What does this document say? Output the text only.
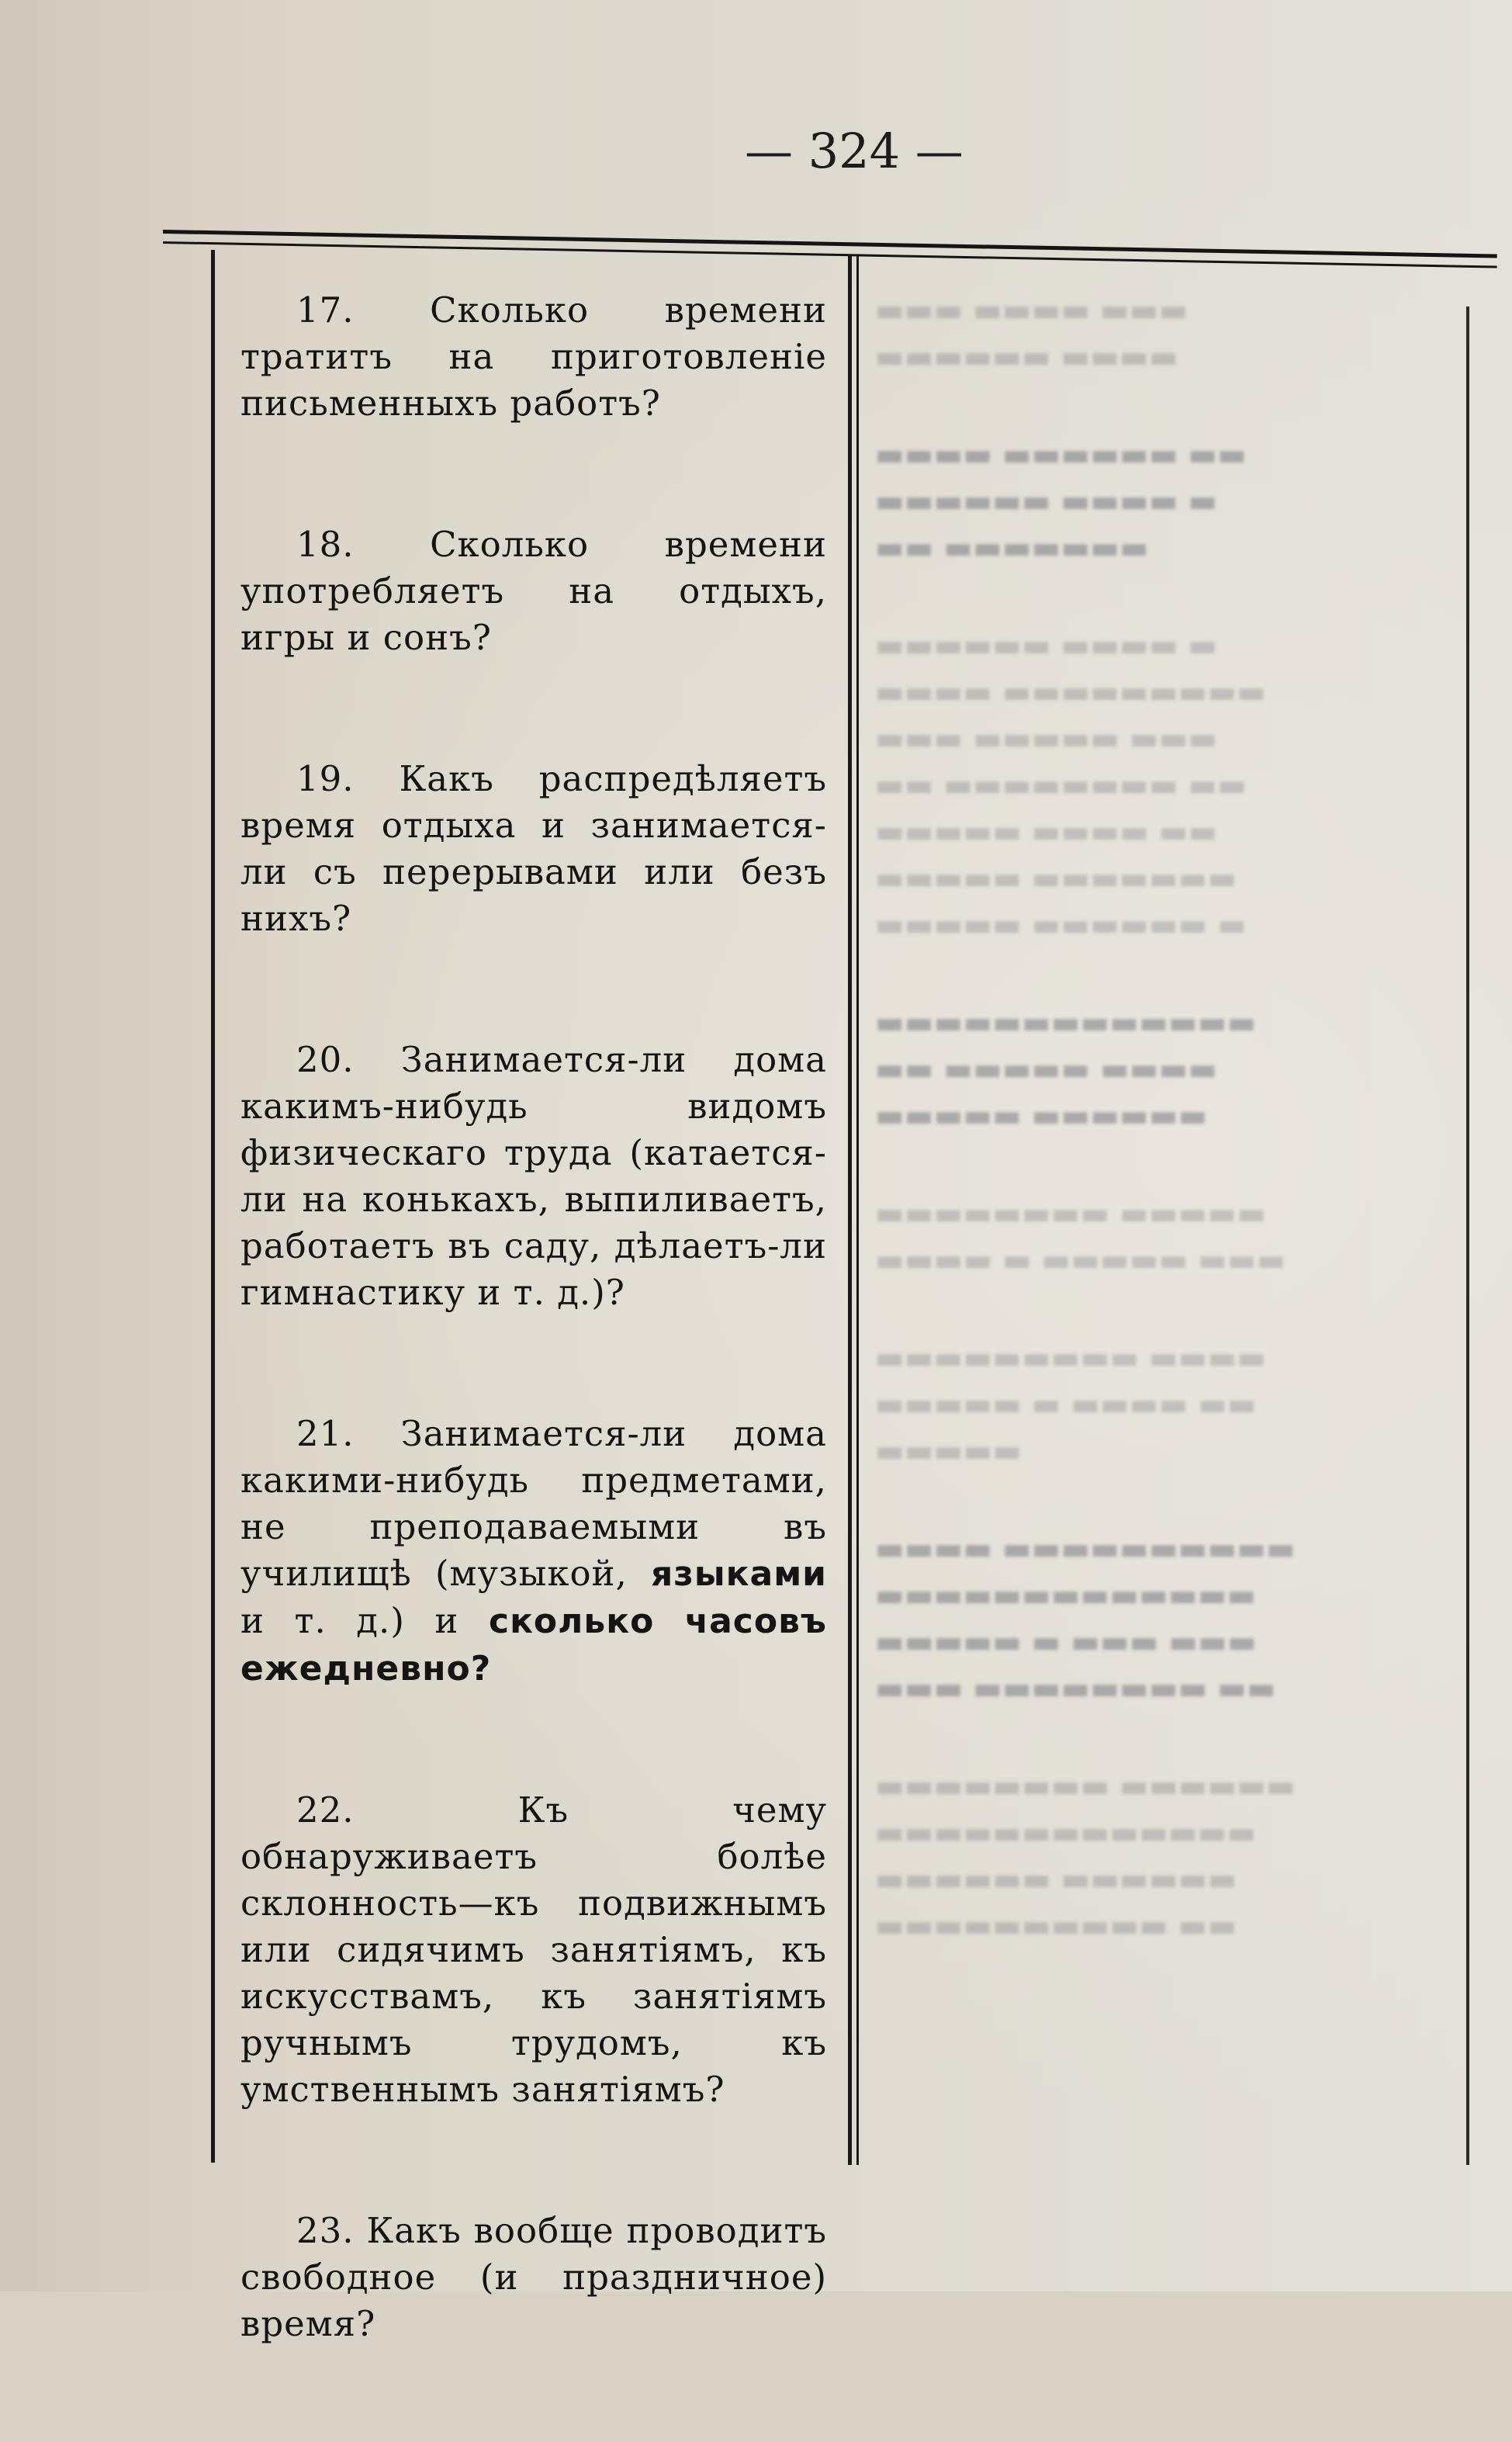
— 324 —

17. Сколько времени тратитъ на приготовленіе письменныхъ работъ?

18. Сколько времени употребляетъ на отдыхъ, игры и сонъ?

19. Какъ распредѣляетъ время отдыха и занимается-ли съ перерывами или безъ нихъ?

20. Занимается-ли дома какимъ-нибудь видомъ физическаго труда (катается-ли на конькахъ, выпиливаетъ, работаетъ въ саду, дѣлаетъ-ли гимнастику и т. д.)?

21. Занимается-ли дома какими-нибудь предметами, не преподаваемыми въ училищѣ (музыкой, языками и т. д.) и сколько часовъ ежедневно?

22. Къ чему обнаруживаетъ болѣе склонность—къ подвижнымъ или сидячимъ занятіямъ, къ искусствамъ, къ занятіямъ ручнымъ трудомъ, къ умственнымъ занятіямъ?

23. Какъ вообще проводитъ свободное (и праздничное) время?

▬▬▬ ▬▬▬▬ ▬▬▬
▬▬▬▬▬▬ ▬▬▬▬
▬▬▬▬ ▬▬▬▬▬▬ ▬▬
▬▬▬▬▬▬ ▬▬▬▬ ▬
▬▬ ▬▬▬▬▬▬▬
▬▬▬▬▬▬ ▬▬▬▬ ▬
▬▬▬▬ ▬▬▬▬▬▬▬▬▬
▬▬▬ ▬▬▬▬▬ ▬▬▬
▬▬ ▬▬▬▬▬▬▬▬ ▬▬
▬▬▬▬▬ ▬▬▬▬ ▬▬
▬▬▬▬▬ ▬▬▬▬▬▬▬
▬▬▬▬▬ ▬▬▬▬▬▬ ▬
▬▬▬▬▬▬▬▬▬▬▬▬▬
▬▬ ▬▬▬▬▬ ▬▬▬▬
▬▬▬▬▬ ▬▬▬▬▬▬
▬▬▬▬▬▬▬▬ ▬▬▬▬▬
▬▬▬▬ ▬ ▬▬▬▬▬ ▬▬▬
▬▬▬▬▬▬▬▬▬ ▬▬▬▬
▬▬▬▬▬ ▬ ▬▬▬▬ ▬▬
▬▬▬▬▬
▬▬▬▬ ▬▬▬▬▬▬▬▬▬▬
▬▬▬▬▬▬▬▬▬▬▬▬▬
▬▬▬▬▬ ▬ ▬▬▬ ▬▬▬
▬▬▬ ▬▬▬▬▬▬▬▬ ▬▬
▬▬▬▬▬▬▬▬ ▬▬▬▬▬▬
▬▬▬▬▬▬▬▬▬▬▬▬▬
▬▬▬▬▬▬ ▬▬▬▬▬▬
▬▬▬▬▬▬▬▬▬▬ ▬▬
